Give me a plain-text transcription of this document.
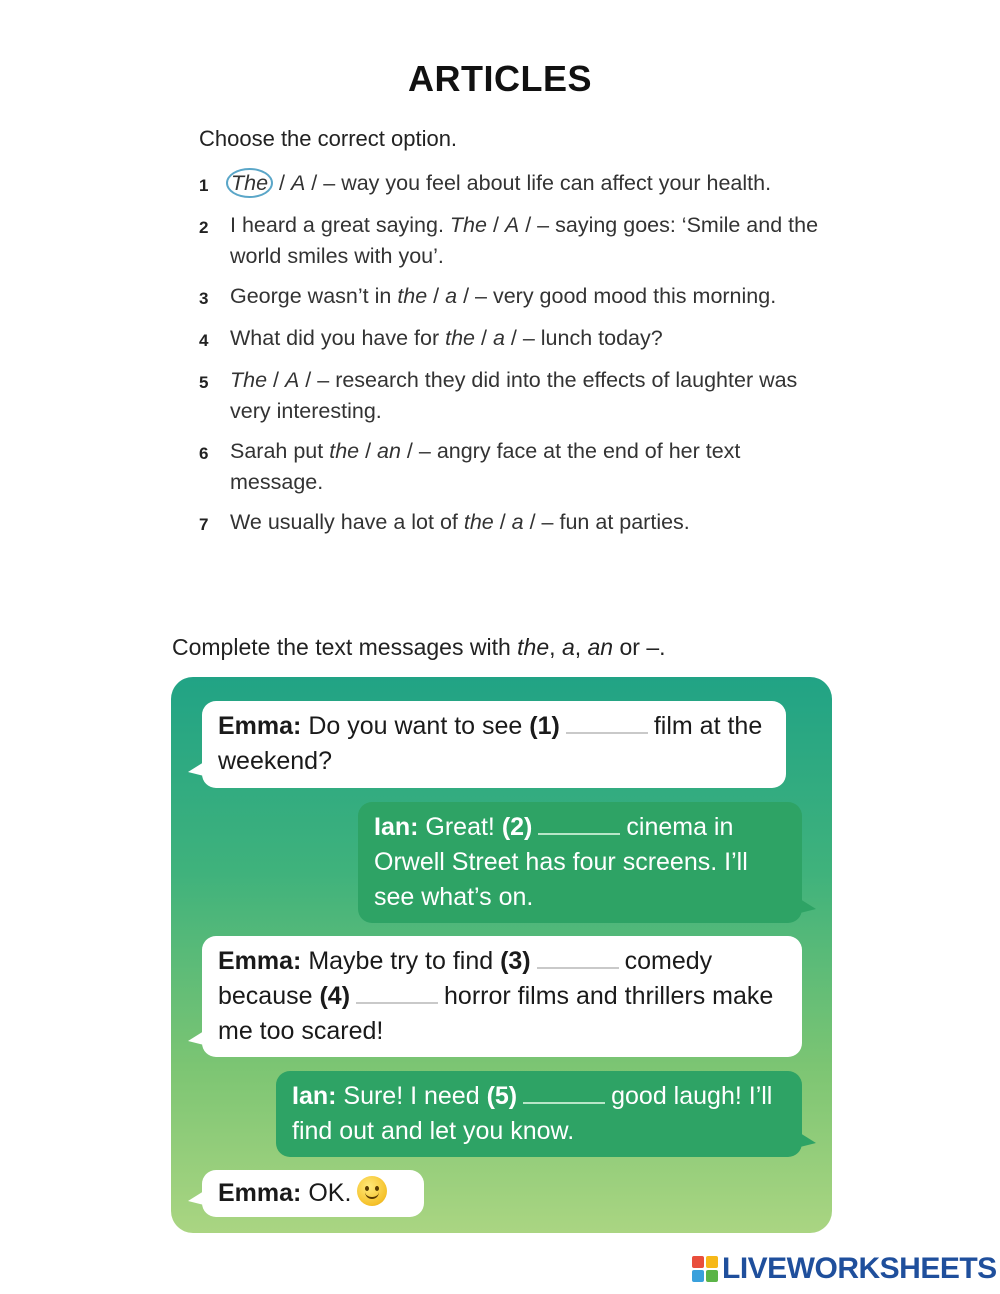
ARTICLES
Choose the correct option.
1	The / A / – way you feel about life can affect your health.
2	I heard a great saying. The / A / – saying goes: ‘Smile and the world smiles with you’.
3	George wasn’t in the / a / – very good mood this morning.
4	What did you have for the / a / – lunch today?
5	The / A / – research they did into the effects of laughter was very interesting.
6	Sarah put the / an / – angry face at the end of her text message.
7	We usually have a lot of the / a / – fun at parties.
Complete the text messages with the, a, an or –.
Emma: Do you want to see (1)	film at the weekend?
Ian: Great! (2)	cinema in Orwell Street has four screens. I’ll see what’s on.
Emma: Maybe try to find (3)	comedy because (4)	horror films and thrillers make me too scared!
Ian: Sure! I need (5)	good laugh! I’ll find out and let you know.
Emma: OK.
LIVEWORKSHEETS
